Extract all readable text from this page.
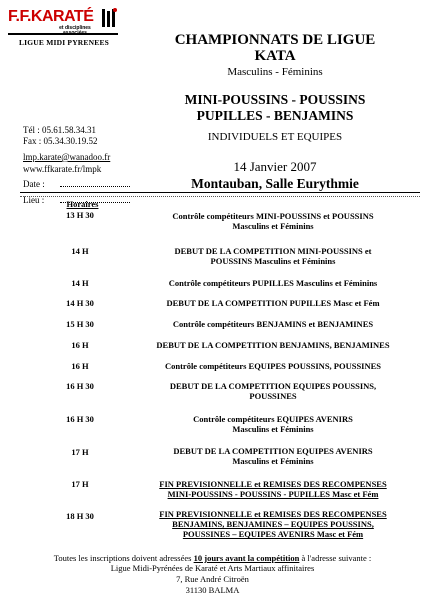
F.F.KARATÉ
et disciplines
LIGUE MIDI PYRENEES	CHAMPIONNATS DE LIGUE
KATA
Masculins - Féminins
MINI-POUSSINS - POUSSINS
PUPILLES - BENJAMINS
INDIVIDUELS ET EQUIPES
14 Janvier 2007
Montauban, Salle Eurythmie
Tél : 05.61.58.34.31
Fax : 05.34.30.19.52
lmp.karate@wanadoo.fr
www.ffkarate.fr/lmpk
Date :
Lieu :	Horaires
13 H 30	Contrôle compétiteurs MINI-POUSSINS et POUSSINS
Masculins et Féminins
14 H	DEBUT DE LA COMPETITION MINI-POUSSINS et
POUSSINS Masculins et Féminins
14 H	Contrôle compétiteurs PUPILLES Masculins et Féminins
14 H 30	DEBUT DE LA COMPETITION PUPILLES Masc et Fém
15 H 30	Contrôle compétiteurs BENJAMINS et BENJAMINES
16 H	DEBUT DE LA COMPETITION BENJAMINS, BENJAMINES
16 H	Contrôle compétiteurs EQUIPES POUSSINS, POUSSINES
16 H 30	DEBUT DE LA COMPETITION EQUIPES POUSSINS,
POUSSINES
16 H 30	Contrôle compétiteurs EQUIPES AVENIRS
Masculins et Féminins
17 H	DEBUT DE LA COMPETITION EQUIPES AVENIRS
Masculins et Féminins
17 H	FIN PREVISIONNELLE et REMISES DES RECOMPENSES
MINI-POUSSINS - POUSSINS - PUPILLES Masc et Fém
18 H 30	FIN PREVISIONNELLE et REMISES DES RECOMPENSES
BENJAMINS, BENJAMINES – EQUIPES POUSSINS,
POUSSINES – EQUIPES AVENIRS Masc et Fém
Toutes les inscriptions doivent adressées 10 jours avant la compétition à l'adresse suivante :
Ligue Midi-Pyrénées de Karaté et Arts Martiaux affinitaires
7, Rue André Citroën
31130 BALMA
